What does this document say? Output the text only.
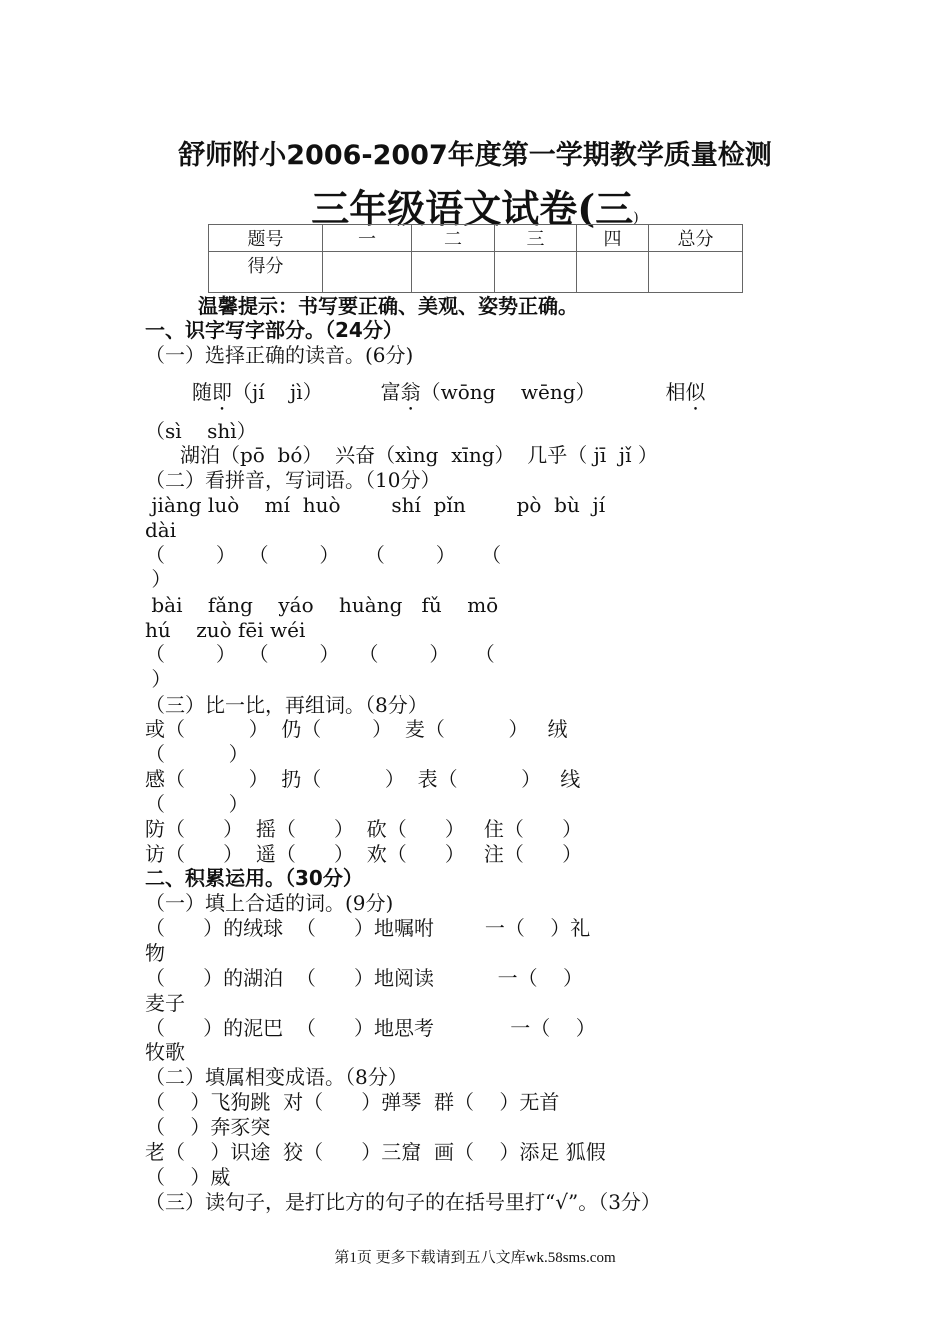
舒师附小2006-2007年度第一学期教学质量检测
三年级语文试卷(三)
题号	一	二	三	四	总分
得分					
温馨提示：书写要正确、美观、姿势正确。
一、识字写字部分。（24分）
（一）选择正确的读音。(6分)
随即（jí    jì）	富翁（wōng    wēng）	相似
（sì    shì）
湖泊（pō  bó）  兴奋（xìng  xīng）  几乎（ jī  jǐ ）
（二）看拼音，写词语。（10分）
jiàng luò    mí  huò        shí  pǐn        pò  bù  jí
dài
（        ）  （        ）    （        ）    （
）
bài    fǎng    yáo    huàng   fǔ    mō
hú    zuò fēi wéi
（        ）  （        ）   （        ）    （
）
（三）比一比，再组词。（8分）
或（          ）  仍（        ）  麦（          ）   绒
（          ）
感（          ）  扔（          ）  表（          ）   线
（          ）
防（      ）  摇（      ）  砍（      ）   住（      ）
访（      ）  遥（      ）  欢（      ）   注（      ）
二、积累运用。（30分）
（一）填上合适的词。(9分)
（      ）的绒球  （      ）地嘱咐        一（    ）礼
物
（      ）的湖泊  （      ）地阅读          一（    ）
麦子
（      ）的泥巴  （      ）地思考            一（    ）
牧歌
（二）填属相变成语。（8分）
（    ）飞狗跳  对（      ）弹琴  群（    ）无首
（    ）奔豕突
老（    ）识途  狡（      ）三窟  画（    ）添足 狐假
（    ）威
（三）读句子，是打比方的句子的在括号里打“√”。（3分）
第1页 更多下载请到五八文库wk.58sms.com
